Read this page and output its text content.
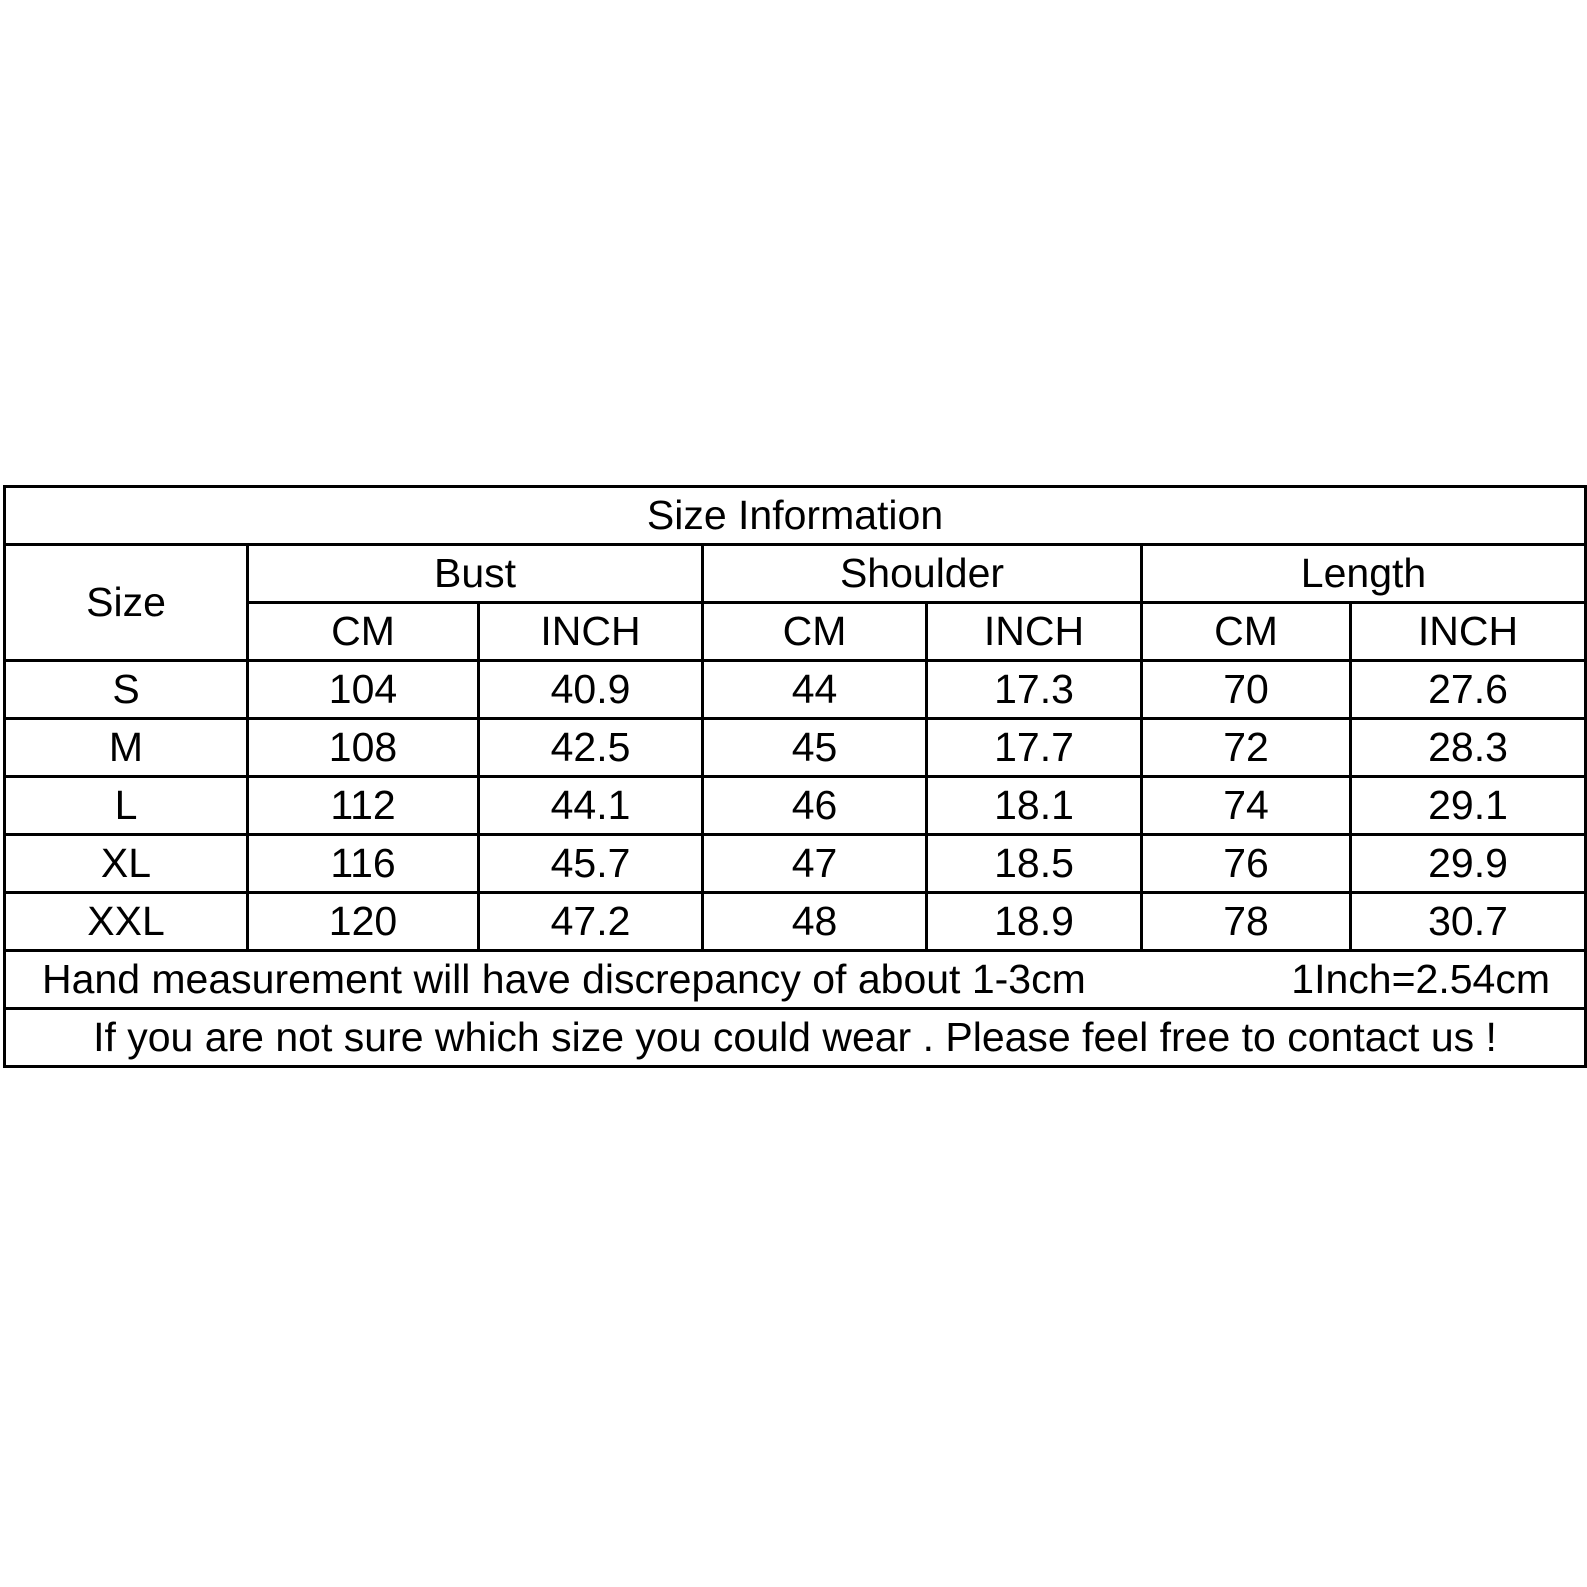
Size Information						
Size	Bust		Shoulder		Length	
	CM	INCH	CM	INCH	CM	INCH
S	104	40.9	44	17.3	70	27.6
M	108	42.5	45	17.7	72	28.3
L	112	44.1	46	18.1	74	29.1
XL	116	45.7	47	18.5	76	29.9
XXL	120	47.2	48	18.9	78	30.7
Hand measurement will have discrepancy of about 1-3cm					1Inch=2.54cm	
If you are not sure which size you could wear . Please feel free to contact us !						
